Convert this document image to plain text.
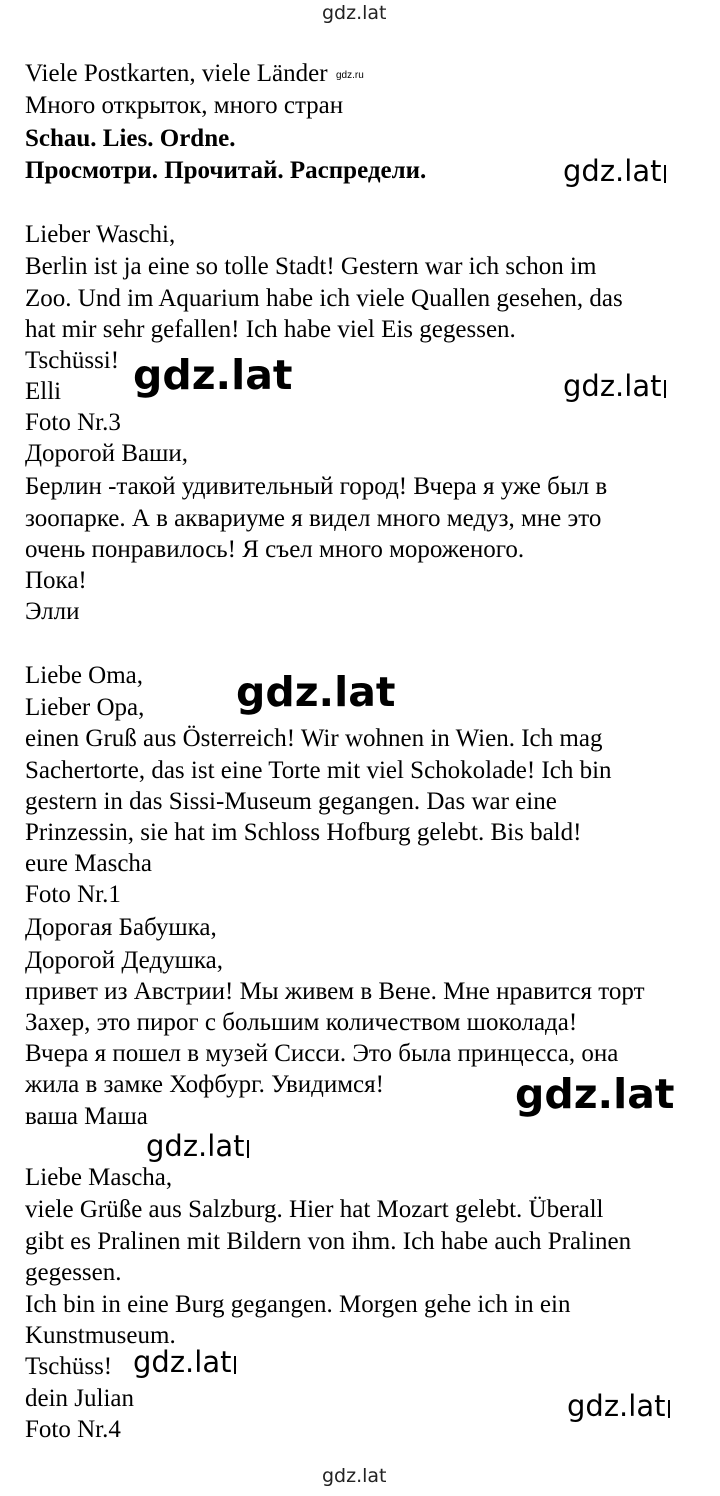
gdz.lat
Viele Postkarten, viele Länder gdz.ru
Много открыток, много стран
Schau. Lies. Ordne.
Просмотри. Прочитай. Распредели.	gdz.lat
Lieber Waschi,
Berlin ist ja eine so tolle Stadt! Gestern war ich schon im
Zoo. Und im Aquarium habe ich viele Quallen gesehen, das
hat mir sehr gefallen! Ich habe viel Eis gegessen.
Tschüssi!
Elli gdz.lat	gdz.lat
Foto Nr.3
Дорогой Ваши,
Берлин -такой удивительный город! Вчера я уже был в
зоопарке. А в аквариуме я видел много медуз, мне это
очень понравилось! Я съел много мороженого.
Пока!
Элли
Liebe Oma,
Lieber Opa, gdz.lat
einen Gruß aus Österreich! Wir wohnen in Wien. Ich mag
Sachertorte, das ist eine Torte mit viel Schokolade! Ich bin
gestern in das Sissi-Museum gegangen. Das war eine
Prinzessin, sie hat im Schloss Hofburg gelebt. Bis bald!
eure Mascha
Foto Nr.1
Дорогая Бабушка,
Дорогой Дедушка,
привет из Австрии! Мы живем в Вене. Мне нравится торт
Захер, это пирог с большим количеством шоколада!
Вчера я пошел в музей Сисси. Это была принцесса, она
жила в замке Хофбург. Увидимся!
ваша Маша	gdz.lat
gdz.lat
Liebe Mascha,
viele Grüße aus Salzburg. Hier hat Mozart gelebt. Überall
gibt es Pralinen mit Bildern von ihm. Ich habe auch Pralinen
gegessen.
Ich bin in eine Burg gegangen. Morgen gehe ich in ein
Kunstmuseum.
Tschüss! gdz.lat
dein Julian	gdz.lat
Foto Nr.4
gdz.lat
